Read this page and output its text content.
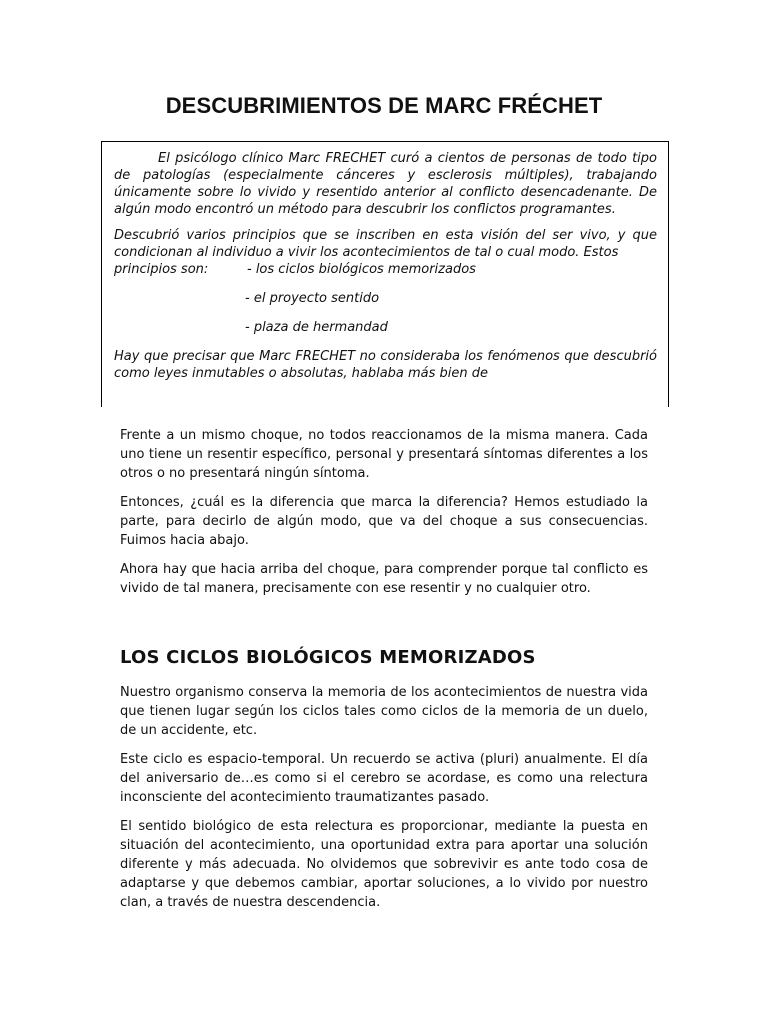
DESCUBRIMIENTOS DE MARC FRÉCHET

El psicólogo clínico Marc FRECHET curó a cientos de personas de todo tipo de patologías (especialmente cánceres y esclerosis múltiples), trabajando únicamente sobre lo vivido y resentido anterior al conflicto desencadenante. De algún modo encontró un método para descubrir los conflictos programantes.

Descubrió varios principios que se inscriben en esta visión del ser vivo, y que condicionan al individuo a vivir los acontecimientos de tal o cual modo. Estos

principios son:	- los ciclos biológicos memorizados
- el proyecto sentido
- plaza de hermandad

Hay que precisar que Marc FRECHET no consideraba los fenómenos que descubrió como leyes inmutables o absolutas, hablaba más bien de

Frente a un mismo choque, no todos reaccionamos de la misma manera. Cada uno tiene un resentir específico, personal y presentará síntomas diferentes a los otros o no presentará ningún síntoma.

Entonces, ¿cuál es la diferencia que marca la diferencia? Hemos estudiado la parte, para decirlo de algún modo, que va del choque a sus consecuencias. Fuimos hacia abajo.

Ahora hay que hacia arriba del choque, para comprender porque tal conflicto es vivido de tal manera, precisamente con ese resentir y no cualquier otro.

LOS CICLOS BIOLÓGICOS MEMORIZADOS

Nuestro organismo conserva la memoria de los acontecimientos de nuestra vida que tienen lugar según los ciclos tales como ciclos de la memoria de un duelo, de un accidente, etc.

Este ciclo es espacio-temporal. Un recuerdo se activa (pluri) anualmente. El día del aniversario de…es como si el cerebro se acordase, es como una relectura inconsciente del acontecimiento traumatizantes pasado.

El sentido biológico de esta relectura es proporcionar, mediante la puesta en situación del acontecimiento, una oportunidad extra para aportar una solución diferente y más adecuada. No olvidemos que sobrevivir es ante todo cosa de adaptarse y que debemos cambiar, aportar soluciones, a lo vivido por nuestro clan, a través de nuestra descendencia.
